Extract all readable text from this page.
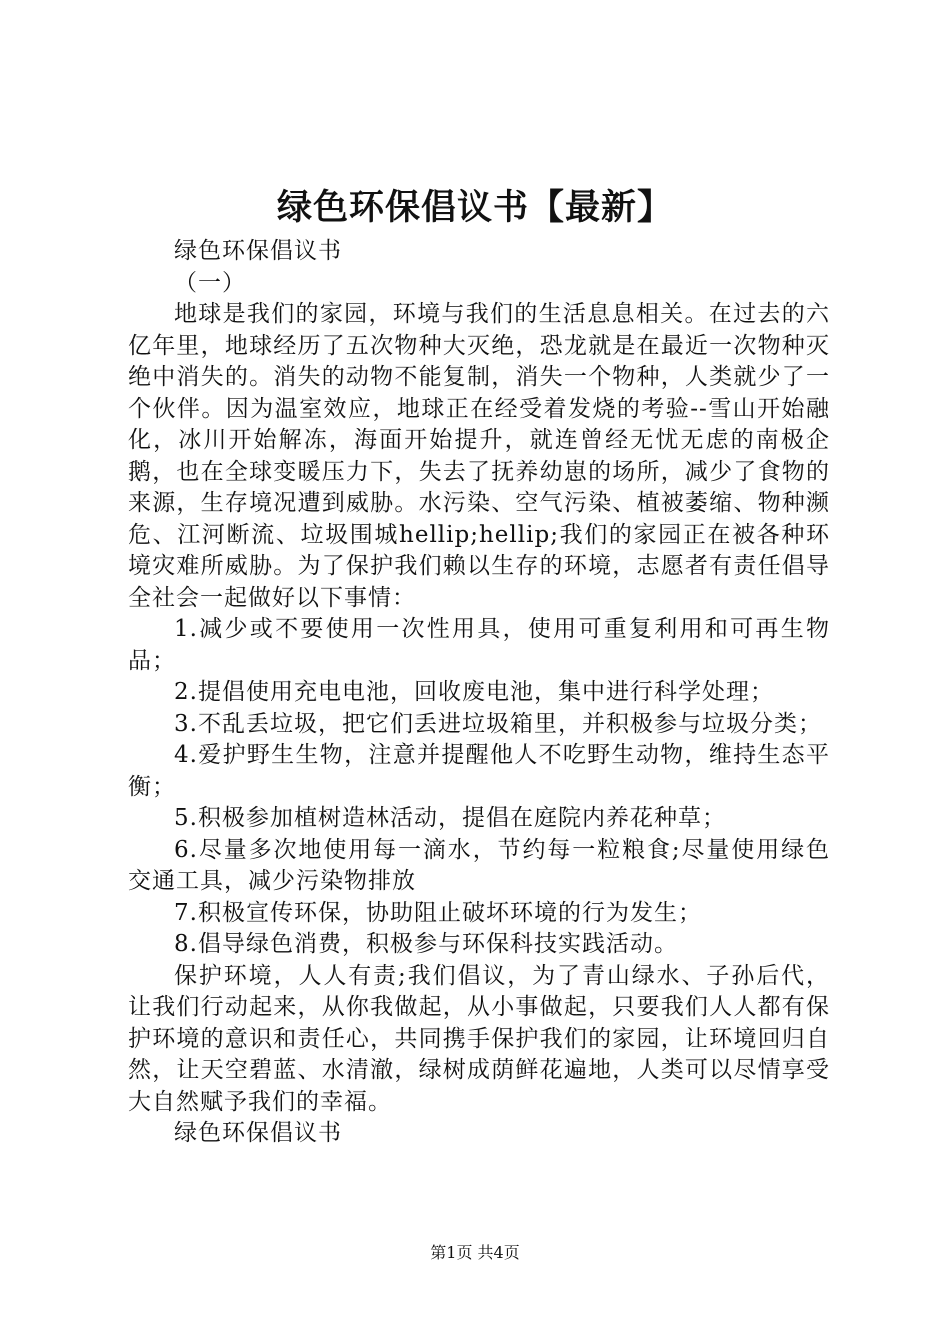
绿色环保倡议书【最新】

绿色环保倡议书

（一）

地球是我们的家园，环境与我们的生活息息相关。在过去的六亿年里，地球经历了五次物种大灭绝，恐龙就是在最近一次物种灭绝中消失的。消失的动物不能复制，消失一个物种，人类就少了一个伙伴。因为温室效应，地球正在经受着发烧的考验--雪山开始融化，冰川开始解冻，海面开始提升，就连曾经无忧无虑的南极企鹅，也在全球变暖压力下，失去了抚养幼崽的场所，减少了食物的来源，生存境况遭到威胁。水污染、空气污染、植被萎缩、物种濒危、江河断流、垃圾围城hellip;hellip;我们的家园正在被各种环境灾难所威胁。为了保护我们赖以生存的环境，志愿者有责任倡导全社会一起做好以下事情：

1.减少或不要使用一次性用具，使用可重复利用和可再生物品；

2.提倡使用充电电池，回收废电池，集中进行科学处理；

3.不乱丢垃圾，把它们丢进垃圾箱里，并积极参与垃圾分类；

4.爱护野生生物，注意并提醒他人不吃野生动物，维持生态平衡；

5.积极参加植树造林活动，提倡在庭院内养花种草；

6.尽量多次地使用每一滴水，节约每一粒粮食;尽量使用绿色交通工具，减少污染物排放

7.积极宣传环保，协助阻止破坏环境的行为发生；

8.倡导绿色消费，积极参与环保科技实践活动。

保护环境，人人有责;我们倡议，为了青山绿水、子孙后代，让我们行动起来，从你我做起，从小事做起，只要我们人人都有保护环境的意识和责任心，共同携手保护我们的家园，让环境回归自然，让天空碧蓝、水清澈，绿树成荫鲜花遍地，人类可以尽情享受大自然赋予我们的幸福。

绿色环保倡议书

第1页 共4页
